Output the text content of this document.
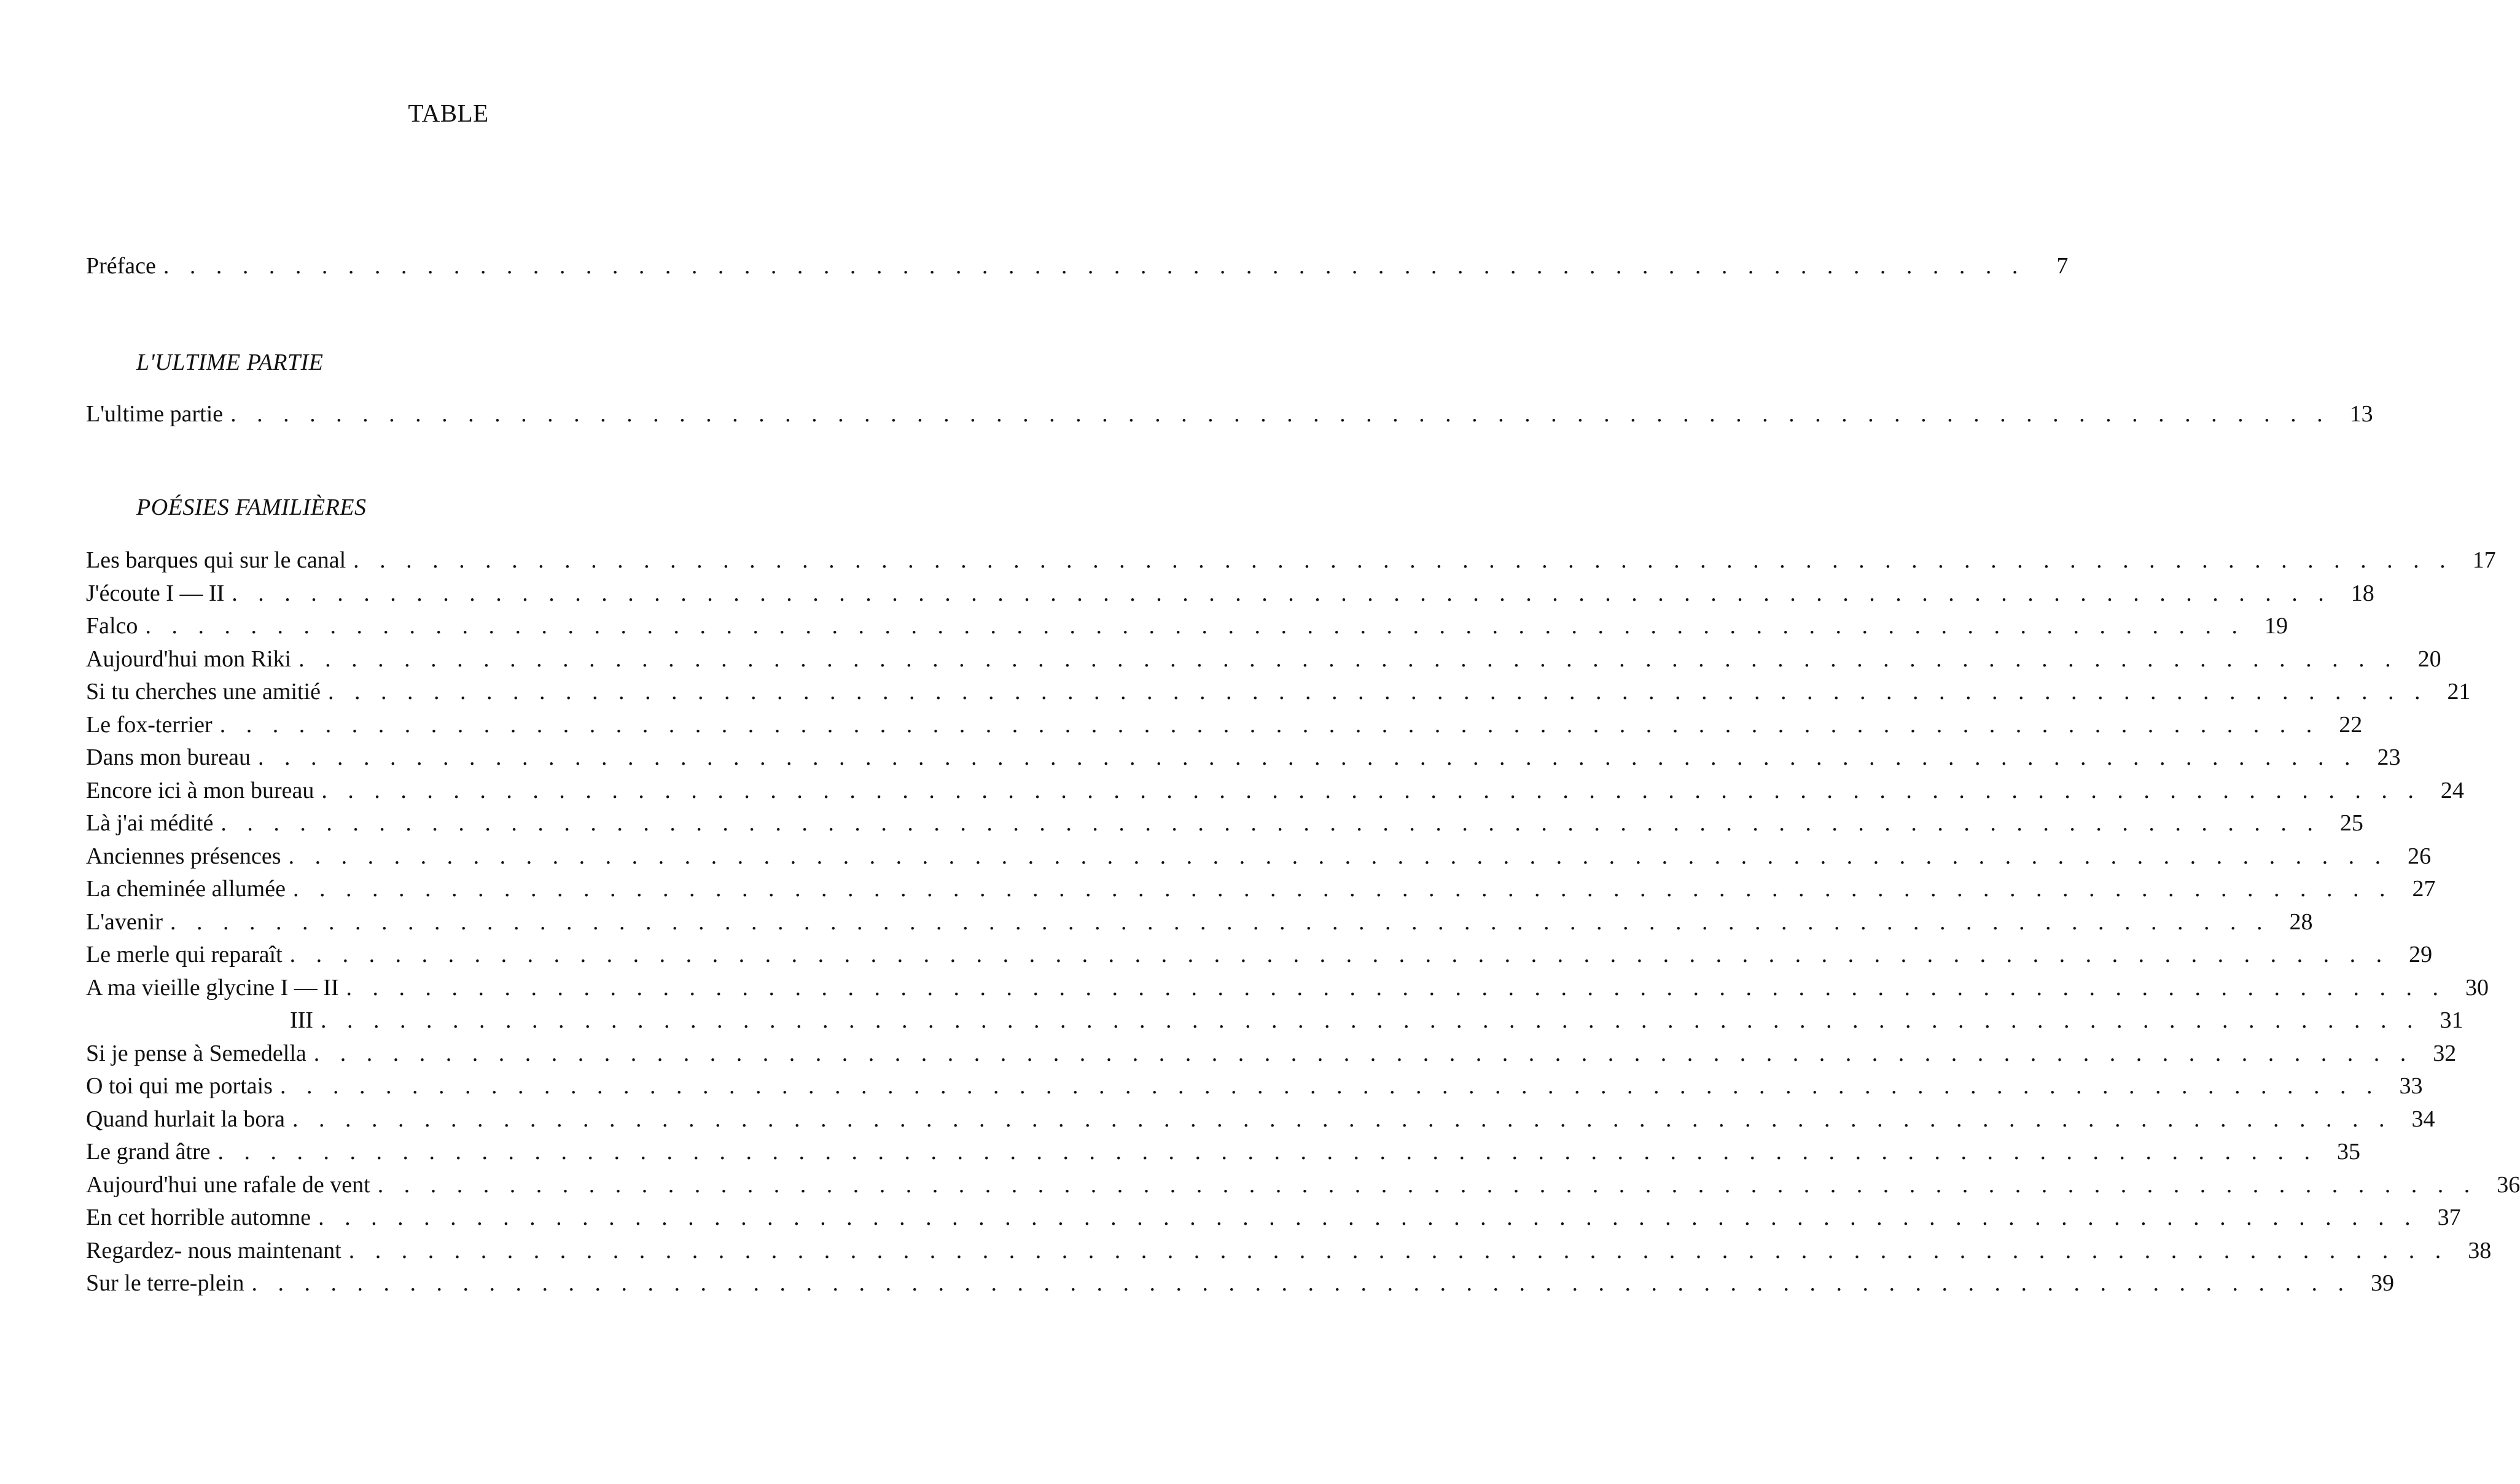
TABLE
Préface . . . . . . . . . . . . . . . . . . . . . . . . . . . . . . . . . . . . . . . . . . . . . . . . . . . . . . . . . . . . . . . . . . . . . . .	7
L'ULTIME PARTIE
L'ultime partie . . . . . . . . . . . . . . . . . . . . . . . . . . . . . . . . . . . . . . . . . . . . . . . . . . . . . . . . . . . . . . . . . . . . . . . . . . . . . . . . 13
POÉSIES FAMILIÈRES
Les barques qui sur le canal . . . . . . . . . . . . . . . . . . . . . . . . . . . . . . . . . . . . . . . . . . . . . . . . . . . . . . . . . . . . . . . . . . . . . . . . . . . . . . . . 17
J'écoute I — II . . . . . . . . . . . . . . . . . . . . . . . . . . . . . . . . . . . . . . . . . . . . . . . . . . . . . . . . . . . . . . . . . . . . . . . . . . . . . . . . 18
Falco . . . . . . . . . . . . . . . . . . . . . . . . . . . . . . . . . . . . . . . . . . . . . . . . . . . . . . . . . . . . . . . . . . . . . . . . . . . . . . . . 19
Aujourd'hui mon Riki . . . . . . . . . . . . . . . . . . . . . . . . . . . . . . . . . . . . . . . . . . . . . . . . . . . . . . . . . . . . . . . . . . . . . . . . . . . . . . . . 20
Si tu cherches une amitié . . . . . . . . . . . . . . . . . . . . . . . . . . . . . . . . . . . . . . . . . . . . . . . . . . . . . . . . . . . . . . . . . . . . . . . . . . . . . . . . 21
Le fox-terrier . . . . . . . . . . . . . . . . . . . . . . . . . . . . . . . . . . . . . . . . . . . . . . . . . . . . . . . . . . . . . . . . . . . . . . . . . . . . . . . . 22
Dans mon bureau . . . . . . . . . . . . . . . . . . . . . . . . . . . . . . . . . . . . . . . . . . . . . . . . . . . . . . . . . . . . . . . . . . . . . . . . . . . . . . . . 23
Encore ici à mon bureau . . . . . . . . . . . . . . . . . . . . . . . . . . . . . . . . . . . . . . . . . . . . . . . . . . . . . . . . . . . . . . . . . . . . . . . . . . . . . . . . 24
Là j'ai médité . . . . . . . . . . . . . . . . . . . . . . . . . . . . . . . . . . . . . . . . . . . . . . . . . . . . . . . . . . . . . . . . . . . . . . . . . . . . . . . . 25
Anciennes présences . . . . . . . . . . . . . . . . . . . . . . . . . . . . . . . . . . . . . . . . . . . . . . . . . . . . . . . . . . . . . . . . . . . . . . . . . . . . . . . . 26
La cheminée allumée . . . . . . . . . . . . . . . . . . . . . . . . . . . . . . . . . . . . . . . . . . . . . . . . . . . . . . . . . . . . . . . . . . . . . . . . . . . . . . . . 27
L'avenir . . . . . . . . . . . . . . . . . . . . . . . . . . . . . . . . . . . . . . . . . . . . . . . . . . . . . . . . . . . . . . . . . . . . . . . . . . . . . . . . 28
Le merle qui reparaît . . . . . . . . . . . . . . . . . . . . . . . . . . . . . . . . . . . . . . . . . . . . . . . . . . . . . . . . . . . . . . . . . . . . . . . . . . . . . . . . 29
A ma vieille glycine I — II . . . . . . . . . . . . . . . . . . . . . . . . . . . . . . . . . . . . . . . . . . . . . . . . . . . . . . . . . . . . . . . . . . . . . . . . . . . . . . . . 30
III . . . . . . . . . . . . . . . . . . . . . . . . . . . . . . . . . . . . . . . . . . . . . . . . . . . . . . . . . . . . . . . . . . . . . . . . . . . . . . . . 31
Si je pense à Semedella . . . . . . . . . . . . . . . . . . . . . . . . . . . . . . . . . . . . . . . . . . . . . . . . . . . . . . . . . . . . . . . . . . . . . . . . . . . . . . . . 32
O toi qui me portais . . . . . . . . . . . . . . . . . . . . . . . . . . . . . . . . . . . . . . . . . . . . . . . . . . . . . . . . . . . . . . . . . . . . . . . . . . . . . . . . 33
Quand hurlait la bora . . . . . . . . . . . . . . . . . . . . . . . . . . . . . . . . . . . . . . . . . . . . . . . . . . . . . . . . . . . . . . . . . . . . . . . . . . . . . . . . 34
Le grand âtre . . . . . . . . . . . . . . . . . . . . . . . . . . . . . . . . . . . . . . . . . . . . . . . . . . . . . . . . . . . . . . . . . . . . . . . . . . . . . . . . 35
Aujourd'hui une rafale de vent . . . . . . . . . . . . . . . . . . . . . . . . . . . . . . . . . . . . . . . . . . . . . . . . . . . . . . . . . . . . . . . . . . . . . . . . . . . . . . . . 36
En cet horrible automne . . . . . . . . . . . . . . . . . . . . . . . . . . . . . . . . . . . . . . . . . . . . . . . . . . . . . . . . . . . . . . . . . . . . . . . . . . . . . . . . 37
Regardez- nous maintenant . . . . . . . . . . . . . . . . . . . . . . . . . . . . . . . . . . . . . . . . . . . . . . . . . . . . . . . . . . . . . . . . . . . . . . . . . . . . . . . . 38
Sur le terre-plein . . . . . . . . . . . . . . . . . . . . . . . . . . . . . . . . . . . . . . . . . . . . . . . . . . . . . . . . . . . . . . . . . . . . . . . . . . . . . . . . 39
